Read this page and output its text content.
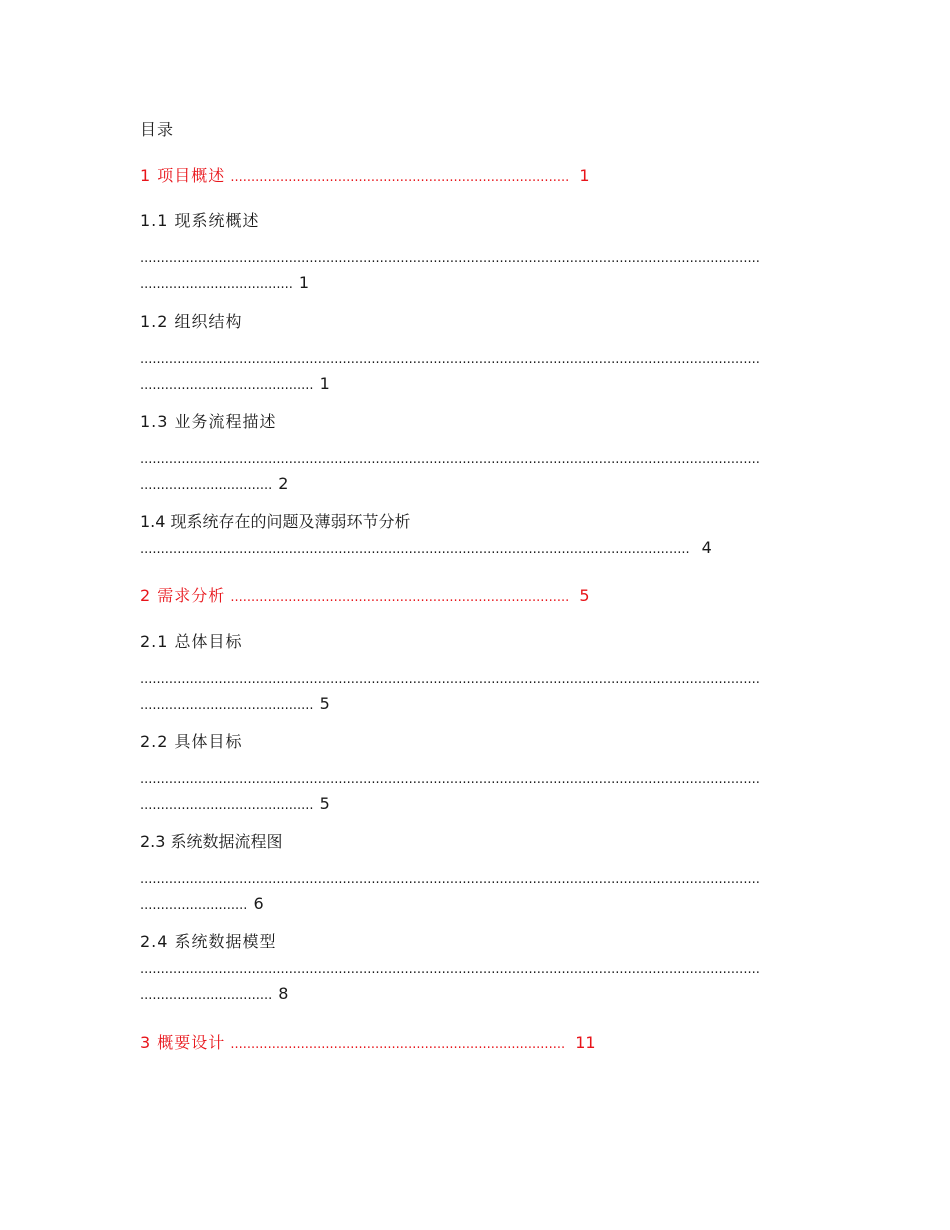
目录
1 项目概述 .................................................................................. 1
1.1 现系统概述
......................................................................................................................................................
..................................... 1
1.2 组织结构
......................................................................................................................................................
.......................................... 1
1.3 业务流程描述
......................................................................................................................................................
................................ 2
1.4 现系统存在的问题及薄弱环节分析
..................................................................................................................................... 4
2 需求分析 .................................................................................. 5
2.1 总体目标
......................................................................................................................................................
.......................................... 5
2.2 具体目标
......................................................................................................................................................
.......................................... 5
2.3 系统数据流程图
......................................................................................................................................................
.......................... 6
2.4 系统数据模型
......................................................................................................................................................
................................ 8
3 概要设计 ................................................................................. 11
